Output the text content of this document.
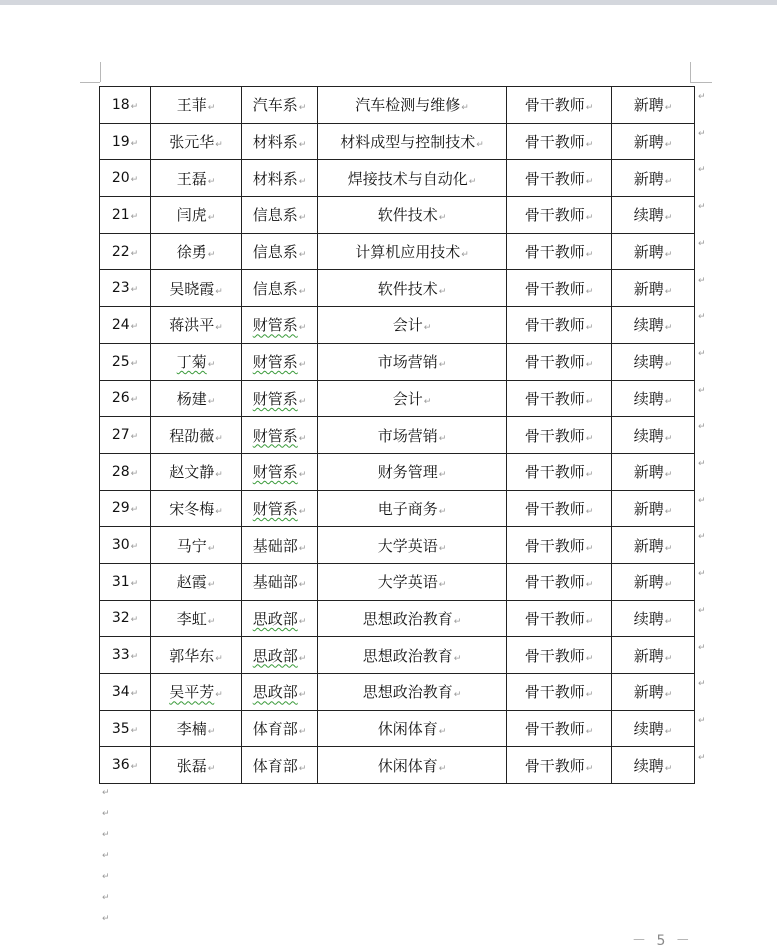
18↵	王菲↵	汽车系↵	汽车检测与维修↵	骨干教师↵	新聘↵
19↵	张元华↵	材料系↵	材料成型与控制技术↵	骨干教师↵	新聘↵
20↵	王磊↵	材料系↵	焊接技术与自动化↵	骨干教师↵	新聘↵
21↵	闫虎↵	信息系↵	软件技术↵	骨干教师↵	续聘↵
22↵	徐勇↵	信息系↵	计算机应用技术↵	骨干教师↵	新聘↵
23↵	吴晓霞↵	信息系↵	软件技术↵	骨干教师↵	新聘↵
24↵	蒋洪平↵	财管系↵	会计↵	骨干教师↵	续聘↵
25↵	丁菊↵	财管系↵	市场营销↵	骨干教师↵	续聘↵
26↵	杨建↵	财管系↵	会计↵	骨干教师↵	续聘↵
27↵	程劭薇↵	财管系↵	市场营销↵	骨干教师↵	续聘↵
28↵	赵文静↵	财管系↵	财务管理↵	骨干教师↵	新聘↵
29↵	宋冬梅↵	财管系↵	电子商务↵	骨干教师↵	新聘↵
30↵	马宁↵	基础部↵	大学英语↵	骨干教师↵	新聘↵
31↵	赵霞↵	基础部↵	大学英语↵	骨干教师↵	新聘↵
32↵	李虹↵	思政部↵	思想政治教育↵	骨干教师↵	续聘↵
33↵	郭华东↵	思政部↵	思想政治教育↵	骨干教师↵	新聘↵
34↵	吴平芳↵	思政部↵	思想政治教育↵	骨干教师↵	新聘↵
35↵	李楠↵	体育部↵	休闲体育↵	骨干教师↵	续聘↵
36↵	张磊↵	体育部↵	休闲体育↵	骨干教师↵	续聘↵
↵
↵
↵
↵
↵
↵
↵
↵
↵
↵
↵
↵
↵
↵
↵
↵
↵
↵
↵
↵
↵
↵
↵
↵
↵
↵
－ 5 －
